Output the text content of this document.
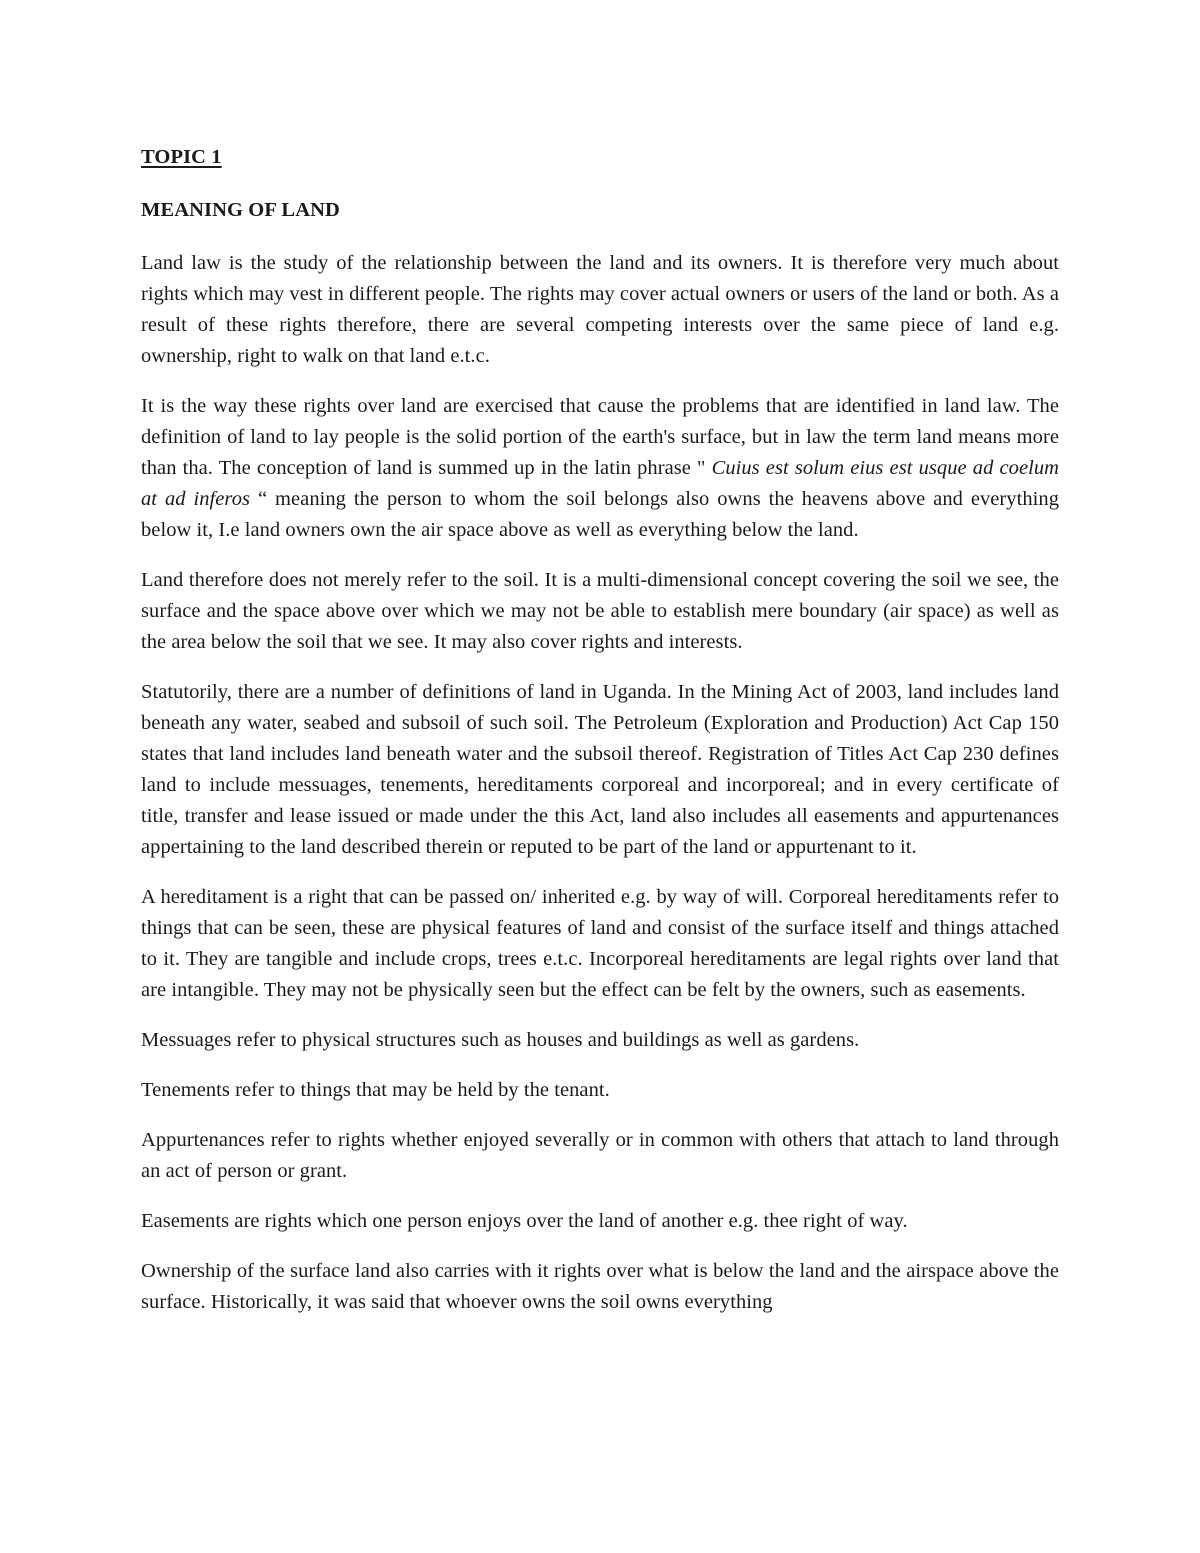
TOPIC 1
MEANING OF LAND

Land law is the study of the relationship between the land and its owners. It is therefore very much about rights which may vest in different people. The rights may cover actual owners or users of the land or both. As a result of these rights therefore, there are several competing interests over the same piece of land e.g. ownership, right to walk on that land e.t.c.

It is the way these rights over land are exercised that cause the problems that are identified in land law. The definition of land to lay people is the solid portion of the earth's surface, but in law the term land means more than tha. The conception of land is summed up in the latin phrase " Cuius est solum eius est usque ad coelum at ad inferos “ meaning the person to whom the soil belongs also owns the heavens above and everything below it, I.e land owners own the air space above as well as everything below the land.

Land therefore does not merely refer to the soil. It is a multi-dimensional concept covering the soil we see, the surface and the space above over which we may not be able to establish mere boundary (air space) as well as the area below the soil that we see. It may also cover rights and interests.

Statutorily, there are a number of definitions of land in Uganda. In the Mining Act of 2003, land includes land beneath any water, seabed and subsoil of such soil. The Petroleum (Exploration and Production) Act Cap 150 states that land includes land beneath water and the subsoil thereof. Registration of Titles Act Cap 230 defines land to include messuages, tenements, hereditaments corporeal and incorporeal; and in every certificate of title, transfer and lease issued or made under the this Act, land also includes all easements and appurtenances appertaining to the land described therein or reputed to be part of the land or appurtenant to it.

A hereditament is a right that can be passed on/ inherited e.g. by way of will. Corporeal hereditaments refer to things that can be seen, these are physical features of land and consist of the surface itself and things attached to it. They are tangible and include crops, trees e.t.c. Incorporeal hereditaments are legal rights over land that are intangible. They may not be physically seen but the effect can be felt by the owners, such as easements.

Messuages refer to physical structures such as houses and buildings as well as gardens.

Tenements refer to things that may be held by the tenant.

Appurtenances refer to rights whether enjoyed severally or in common with others that attach to land through an act of person or grant.

Easements are rights which one person enjoys over the land of another e.g. thee right of way.

Ownership of the surface land also carries with it rights over what is below the land and the airspace above the surface. Historically, it was said that whoever owns the soil owns everything
